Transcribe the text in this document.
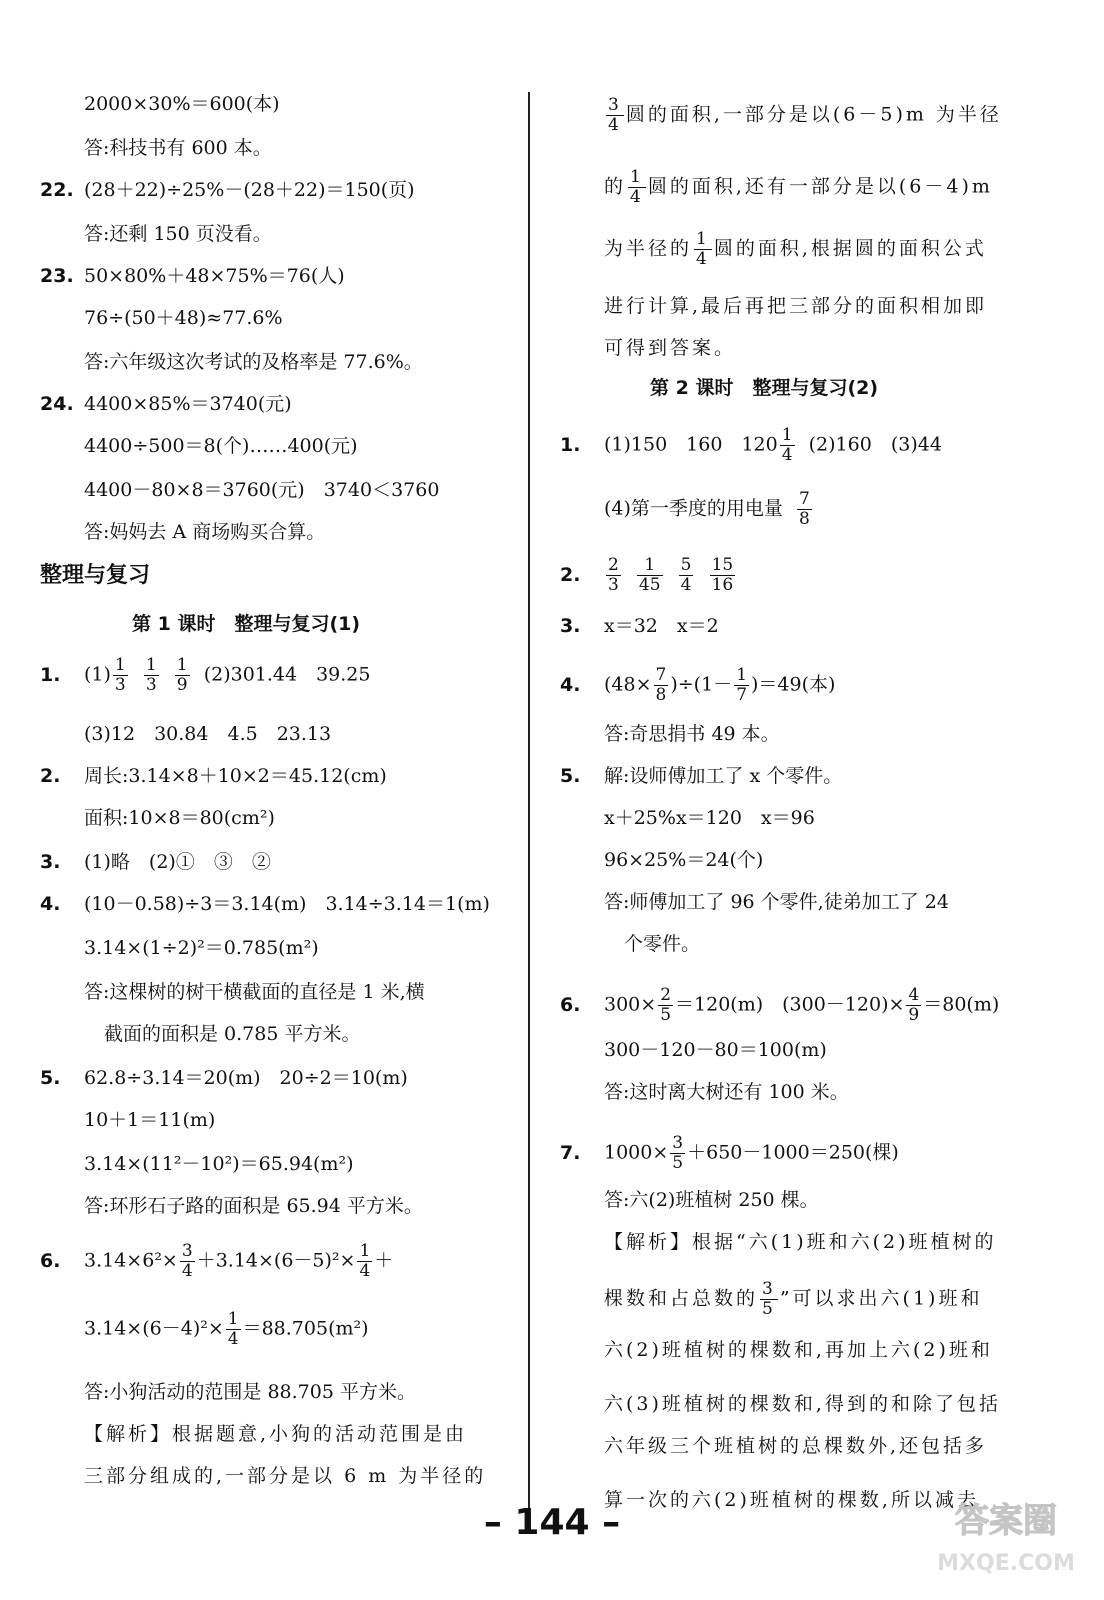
2000×30%＝600(本)
答:科技书有 600 本。
22. (28＋22)÷25%－(28＋22)＝150(页)
答:还剩 150 页没看。
23. 50×80%＋48×75%＝76(人)
76÷(50＋48)≈77.6%
答:六年级这次考试的及格率是 77.6%。
24. 4400×85%＝3740(元)
4400÷500＝8(个)……400(元)
4400－80×8＝3760(元)　3740＜3760
答:妈妈去 A 商场购买合算。
整理与复习
第 1 课时　整理与复习(1)
1. $(1) \frac{1}{3}$
$\frac{1}{3}$
$\frac{1}{9} (2)301.44$　39.25
(3)12　30.84　4.5　23.13
2. 周长:3.14×8＋10×2＝45.12(cm)
面积:10×8＝80(cm²)
3. (1)略　(2)①　③　②
4. (10－0.58)÷3＝3.14(m)　3.14÷3.14＝1(m)
3.14×(1÷2)²＝0.785(m²)
答:这棵树的树干横截面的直径是 1 米,横
截面的面积是 0.785 平方米。
5. 62.8÷3.14＝20(m)　20÷2＝10(m)
10＋1＝11(m)
3.14×(11²－10²)＝65.94(m²)
答:环形石子路的面积是 65.94 平方米。
6. $3.14\times 6^2\times \frac{3}{4} +3.14\times(6-5)^2\times \frac{1}{4}$ ＋
$3.14\times(6-4)^2\times \frac{1}{4} =88.705(m^2)$
答:小狗活动的范围是 88.705 平方米。
【解析】根据题意,小狗的活动范围是由
三部分组成的,一部分是以 6 m 为半径的
$\frac{3}{4}$ 圆的面积,一部分是以(6－5)m 为半径
的 $\frac{1}{4}$ 圆的面积,还有一部分是以(6－4)m
为半径的 $\frac{1}{4}$ 圆的面积,根据圆的面积公式
进行计算,最后再把三部分的面积相加即
可得到答案。
第 2 课时　整理与复习(2)
1. (1)150　160　$120 \frac{1}{4} (2)160$　(3)44
(4)第一季度的用电量 $\frac{7}{8}$
2. $\frac{2}{3}$
$\frac{1}{45}$
$\frac{5}{4}$
$\frac{15}{16}$
3. x＝32　x＝2
4. $(48\times \frac{7}{8} )\div(1- \frac{1}{7} )=49$(本)
答:奇思捐书 49 本。
5. 解:设师傅加工了 x 个零件。
x＋25%x＝120　x＝96
96×25%＝24(个)
答:师傅加工了 96 个零件,徒弟加工了 24
个零件。
6. $300\times \frac{2}{5} =120(m)$　$(300-120)\times \frac{4}{9} =80(m)$
300－120－80＝100(m)
答:这时离大树还有 100 米。
7. $1000\times \frac{3}{5} +650-1000=250$(棵)
答:六(2)班植树 250 棵。
【解析】根据“六(1)班和六(2)班植树的
棵数和占总数的 $\frac{3}{5}$ ”可以求出六(1)班和
六(2)班植树的棵数和,再加上六(2)班和
六(3)班植树的棵数和,得到的和除了包括
六年级三个班植树的总棵数外,还包括多
算一次的六(2)班植树的棵数,所以减去
– 144 –	答案圈
MXQE.COM
